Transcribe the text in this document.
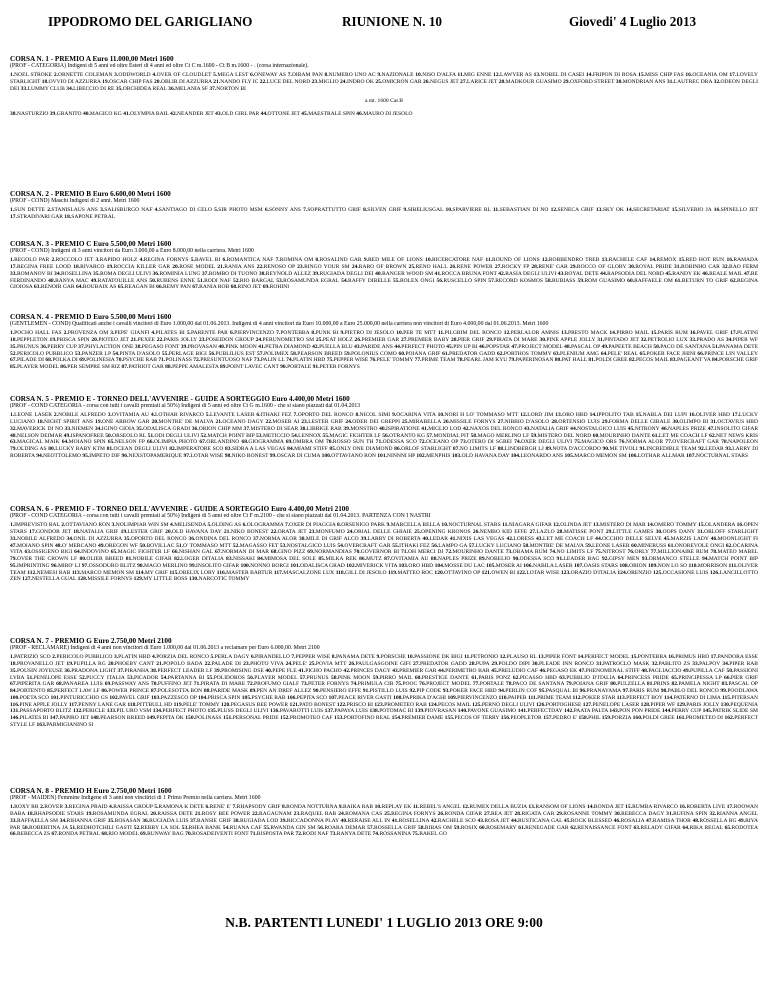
IPPODROMO DEL GARIGLIANO	RIUNIONE N. 10	Giovedi' 4 Luglio 2013
CORSA N. 1 - PREMIO A Euro 11.000,00 Metri 1600
(PROF - CATEGORIA) Indigeni di 5 anni ed oltre Esteri di 4 anni ed oltre Ct C m.1600 - Ct B m.1600 - . (corsa internazionale).
1.NOEL STROKE 2.ORNETTE COLEMAN 3.ODDWORLD 4.OVER OF CLOUDLET 5.MEGA LEST 6.ONEWAY AS 7.OIRAM PAN 8.NUMERO UNO AC 9.NAZIONALE 10.NISO D'ALFA 11.MIG ENNE 12.LAWYER AS 13.NOBEL DI CASEI 14.FRIPON DI ROSA 15.MISS CHIP FAS 16.OCEANIA OM 17.LOVELY STARLIGHT 18.OVVIO DI AZZURRA 19.OSCAR CHIP FAS 20.OBLIR DI AZZURRA 21.NANDO FLY IC 22.LUCE DEL NORD 23.MIGLIO 24.INDRO OK 25.OMICRON GAR 26.NEGUS JET 27.LARICE JET 28.MADKOUR GUASIMO 29.OXFORD STREET 30.MONDRIAN ANS 31.LAUTREC DRA 32.ODEON DEGLI DEI 33.LUMMY CLUB 34.LIBECCIO DI RE 35.ORCHIDEA REAL 36.MELANIA SF 37.NORTON BI
a mt. 1600 Cat.B
38.NASTURZIO 39.GRANITO 40.MAGICO KG 41.OLYMPIA BAIL 42.NEANDER JET 43.OLD GIRL PAR 44.OTTONE JET 45.MAESTRALE SPIN 46.MAURO DI JESOLO
CORSA N. 2 - PREMIO B Euro 6.600,00 Metri 1600
(PROF - COND) Maschi Indigeni di 2 anni. Metri 1600
1.SUN DETTE 2.STANISLAUS ANS 3.SALISBURGO NAF 4.SANTIAGO DI CELO 5.SIR PHOTO MSM 6.SONNY ANS 7.SOPRATTUTTO GRIF 8.SILVEN GRIF 9.SIBELIUSGAL 10.SPARVIERE RL 11.SEBASTIAN DI NO 12.SENECA GRIF 13.SKY OK 14.SECRETARIAT 15.SILVERIO JA 16.SPINELLO JET 17.STRADIVARI GAR 18.SAPONE PETRAL
CORSA N. 3 - PREMIO C Euro 5.500,00 Metri 1600
(PROF - COND) Indigeni di 3 anni vincitori da Euro 3.000,00 a Euro 8.000,00 nella carriera. Metri 1600
1.REGOLO PAR 2.ROCCOLO JET 3.RAPIDO HOLZ 4.REGINA FORNYS 5.RAVEL BI 6.ROMANTICA NAF 7.ROMINA OM 8.ROSALIND GAR 9.RED MILE OF LIONS 10.RICERCATORE NAF 11.ROUND OF LIONS 12.ROBBENDRO TREB 13.RACHELE CAF 14.REMOX 15.RED HOT RUN 16.RAMADA 17.REGINA FREE LOOD 18.RIVARCO 19.ROCCIA KILLER GAR 20.ROSE MODEL 21.RANIA ANS 22.RENOSO OP 23.RINGO YOUR SM 24.RARO OF BROWN 25.RENO HALL 26.RENE POWER 27.ROCKY FP 28.RENE' GAR 29.ROCCO OF GLORY 30.ROYAL PRIDE 31.ROBINHO CAR 32.RAO FERM 33.ROMANOV BI 34.ROSELLINA 35.ROMA DEGLI ULIVI 36.ROMINIA LUNG 37.ROMBO DI TUONO 38.REYNOLD ALLEZ 39.RUGIADA DEGLI DEI 40.RANGER WOOD SM 41.ROCCA BRUNA FONT 42.RASIA DEGLI ULIVI 43.ROYAL DETE 44.RAPSODIA DEL NORD 45.RANDY EK 46.REALE MAIL 47.RE FERDINANDO 48.RANYA MAC 49.RATATOUILLE ANS 50.RUBENS ENNE 51.RODI NAF 52.RIO BARGAL 53.ROSAMUNDA EGRAL 54.RAFFY DIBELLE 55.ROLEX ONGI 56.RUSCELLO SPIN 57.RECORD KOSMOS 58.RUBIASS 59.ROM GUASIMO 60.RAFFAELE OM 61.RETURN TO GRIF 62.REGINA GIOIOSA 63.RENOIR GAR 64.ROUBAIX AS 65.REAGAN BI 66.REMY PAN 67.RANIA ROB 68.RINO JET 69.ROHINI
CORSA N. 4 - PREMIO D Euro 5.500,00 Metri 1600
(GENTLEMEN - COND) Qualificati anche i cavalli vincitori di Euro 1.000,00 dal 01.06.2013. Indigeni di 4 anni vincitori da Euro 10.000,00 a Euro 25.000,00 nella carriera non vincitori di Euro 4.000,00 dal 01.06.2013. Metri 1600
1.POCHO HALL FAS 2.PROVENZA OM 3.PEPE' GIANFI 4.PILATES BI 5.PARENTE PAR 6.PIERVINCENZO 7.PONTEBBA 8.PUNK BI 9.PIETRO DI JESOLO 10.PER TE MTT 11.PILGRIM DEL RONCO 12.PERLALOR AMNIS 13.PRESTO MACK 14.PIRRO MAIL 15.PARIS RUM 16.PAVEL GRIF 17.PLATINI 18.PEPPLETON 19.PRISCA SPIN 20.PIOTEO JET 21.PEXEE 22.PARIS JOLLY 23.POSEIDON GROUP 24.PERUNOMETRO SM 25.PEAT HOLZ 26.PREMIER GAR 27.PREMIER BABY 28.PIER GRIF 29.PIRATA DI MARE 30.PINE APPLE JOLLY 31.PINTADO JET 32.PETROLIO LUX 33.PRADO AS 34.PIPER WF 35.PRUNUS 36.PERRY CUP 37.PHYLACTION ONE 38.PEGASO FONT 39.PROVASAN 40.PINK MOON 41.PETRA DIAMOND 42.PUELLA BLU 43.PARIDE ANS 44.PERFECT PHOTO 45.PIN UP BI 46.POPSTAR 47.PROJECT MODEL 48.PASCAL OP 49.PAPEETE BEACH 50.PACO DE SANTANA 51.PANAMA DETE 52.PERICOLO PUBBLICO 53.PANZER LP 54.PINTA D'ASOLO 55.PERLAGE BIGI 56.PUBLILIUS EST 57.POLIMEX 58.PEARSON BREED 59.POLONIUS COMO 60.POIANA GRIF 61.PREDATOR GADD 62.PORTHOS TOMMY 63.PLENIUM AMG 64.PELE' REAL 65.POKER FACE JHINI 66.PRINCE LIN VALLEY 67.PILADE DI 68.POLKA DI 69.POLINESIA 70.PSYCHE RAB 71.POLINASS 72.PRESUNTUOSO NAF 73.PALIN LL 74.PLATIN HBD 75.PEPPER WISE 76.PELE' TOMMY 77.PRIME TEAM 78.PEARL JAM KYU 79.PAPERINOSAN 80.PAT HALL 81.POLDI GREE 82.PECOS MAIL 83.PAGEANT VA 84.PORSCHE GRIF 85.PLAYER MODEL 86.PER SEMPRE SM RIZ 87.PATRIOT GAR 88.PEPPE AMALESTA 89.POINT LAVEC CANT 90.PORTALE 91.PETER FORNYS
CORSA N. 5 - PREMIO E - TORNEO DELL'AVVENIRE - GUIDE A SORTEGGIO Euro 4.400,00 Metri 1600
(PROF - COND CATEGORIA - corsa con tutti i cavalli premiati al 50%) Indigeni di 5 anni ed oltre Ct G m.1600 - che si siano piazzati dal 01.04.2013
1.LEONE LASER 2.NOBILE ALFREDO 3.OVITAMIA AU 4.LOTHAR RIVARCO 5.LEVANTE LASER 6.ITHAKI FEZ 7.OPORTO DEL RONCO 8.NICOL SIMI 9.OCARINA VITA 10.NORI H LO' TOMMASO MTT 12.LORD JIM 13.ORO HBD 14.IPPOLITO TAB 15.NABLA DEI LUPI 16.OLIVER HBD 17.LUCKY LUCIANO 18.NIGHT SPIRIT ANS 19.ONE ARROW GAR 20.MONTRE' DE MALVA 21.OCEANO DAGY 22.MOSER AI 23.LESTER GRIF 24.ODER DEI GREPPI 25.MIRABELLA 26.MISSILE FORNYS 27.NIBBIO D'ASOLO 28.ORTENSIO LUIS 29.FORMA DELLE GIRALE 30.OLIMPO BI 31.OCTAVIUS HBD 32.MAVERICK DI NO 33.NIEMEN 34.IGINO GIOIA 35.ODALISCA GRADI 36.ORION CHIP MM 37.MISTERO DI SEAR 38.LIBRIGE RAB 39.MONSTRO 40.ISPIRATIONE 41.MIGLIO LOD 42.NAXOS DEL RONCO 43.NATALIA GRIF 44.NOSTALGICO LUIS 45.NITRONY 46.NAPLES PRIZE 47.INSOLITO GIFAR 48.NELSON DEIMAR 49.ISPANOFREE 50.ORSEOLO RL 51.ODI DEGLI ULIVI 52.MATCH POINT BIP 53.METICCIO 54.LENNOX 55.MAGIC FIGHTER LF 56.OTRANTO KG 57.MONDIAL PIT 58.MAGO MERLINO LF 59.MISTERO DEL NORD 60.MOURINHO DANTE 61.LET ME COACH LF 62.NET NEWS KRIS 63.MAGICAL MAIK 64.MOIANO SPIN 65.NELSON FP 66.OLIMPIA PHOTO 67.ORLANDINO 68.GIOGRAMMA 69.OMBRA OM 70.ROSSO SUN TH 71.ODESSA SCO 72.OCEANO OP 73.OTERO DI SGREI 74.OXER DEGLI ULIVI 75.MAGICO ORS 76.NORMA ALOR 77.OVERCRAFT GAR 78.NAPOLEON 79.OLDING AS 80.LUCKY BABY KTM 81.OCEAN DEGLI ULIVI 82.IMPERATORE SCO 83.SIDRA A LAS VEGAS 84.MIAMI STIFF 85.ONLY ONE DIAMOND 86.ORLOF STARLIGHT 87.NO LIMITS LF 88.LINDBERGH LJ 89.NOTA D'ACCORDO 90.ME TIVOLI 91.INCREDIBLE TEAM 92.LEDAR 93.LARRY DI ROBERTA 94.NEOTTOLEMO 95.IMPETO DIF 96.NEXSTOPAMERIQUE 97.LOTAR WISE 98.NIKO BONEST 99.OSCAR DI CUMA 100.OTTAVIANO RON 101.NINNNI HP 102.MENPHIS 103.OLD HAVANA DAY 104.LEONARDO ANS 105.MARCO MEMON SM 106.LOTHAR ALLMAR 107.NOCTURNAL STARS
CORSA N. 6 - PREMIO F - TORNEO DELL'AVVENIRE - GUIDE A SORTEGGIO Euro 4.400,00 Metri 2100
(PROF - COND CATEGORIA - corsa con tutti i cavalli premiati al 50%) Indigeni di 5 anni ed oltre Ct F m.2100 - che si siano piazzati dal 01.04.2013. PARTENZA CON I NASTRI
1.IMPREVISTO RAL 2.OTTAVIANO RON 3.NOLIMPIAR WIN SM 4.MELISENDA 5.OLDING AS 6.OLOGRAMMA 7.OXER DI PIAGGIA 8.ORSENIGO PARK 9.MARCELLA BELLA 10.NOCTURNAL STARS 11.NIAGARA GIFAR 12.OLINDA JET 13.MISTERO DI MAR 14.OMERO TOMMY 15.OLANDERA 16.OPEN STARS 17.GONDOR JET 18.NATALIA GRIF 19.LESTER GRIF 20.OLD HAVANA DAY 21.NIKO BONEST 22.ORATA JET 23.MONFUMO 24.ORIAL DELLE GHIAIE 25.OPENING KRONOS 26.NEMBO KID EFFE 27.LAZLO 28.MATISSE PONT 29.LITTLE GAMES 30.OOPS DANY 31.ORLOFF STARLIGHT 33.NOBILE ALFREDO 34.ONIL DI AZZURRA 35.OPORTO DEL RONCO 36.ONDINA DEL RONCO 37.NORMA ALOR 38.MILE DI GRIF ALCO 39.LARRY DI ROBERTA 40.LEDAR 41.NIXIS LAS VEGAS 42.LORESS 43.LET ME COACH LF 44.OCCHIO DELLE SELVE 45.MARZIS LADY 46.MOONLIGHT FI 47.MOIANO SPIN 48.O' MERCANO 49.OREGON WF 50.BOVILLAC 51.O' TOMMASO MTT 52.MAGASSO FET 53.NOSTALGICO LUIS 54.OVERCRAFT GAR 55.ITHAKI FEZ 56.LAMPO GA 57.LUCKY LUCIANO 58.MONTRE' DE MALVA 59.LEONE LASER 60.MINERUSS 61.ONOREVOLE ONGI 62.OCARINA VITA 63.OSSIGENO BIGI 64.INDOVINO 65.MAGIC FIGHTER LF 66.NISHAN GAL 67.NORMAN DI MAR 68.GINO PIZZ 69.NORMANDIAS 70.GOVERNOR BI 71.OH MERCI DJ 72.MOURINHO DANTE 73.OBAMA RUM 74.NO LIMITS LF 75.NITROST 76.ORLY 77.MILLIONAIRE RUM 78.MATEO MABEL 79.OVER THE CROWN LF 80.OLIER BREED 81.NOBILE GIFAR 82.LOGER DITALIA 83.NISSAKI 84.MIMOSA DEL SOLE 85.MILKA REK 86.MUTZ 87.OVITAMIA AU 88.NAPLES PRIZE 89.NOBELIO 90.ODESSA SCO 91.LEADER BAG 92.GIPSY MEN 93.ORMANCO STELLE 94.MATCH POINT BIP 95.IMPRINTING 96.MIRO' LJ 97.OSSODURO BLITZ 98.MAGO MERLINO 99.INSOLITO GIFAR 100.NONNO BORGI 101.ODALISCA GRAD 102.MIVERICK VITA 103.ORO HBD 104.MOSSE DU LAC 105.MOSER AI 106.NABILA LASER 107.OASIS STARS 108.ORION 109.NON LO SO 110.MORRISON 111.OLIVER TEAM 112.NEMESI RAB 113.MARCO MEMON SM 114.MY GRIF 115.OBELIX LORY 116.MASTER BARTUR 117.MASCALZONE LUX 118.GILL DI JESOLO 119.MATTEO ROC 120.OTTAVINO OP 121.OWEN BI 122.LOTAR WISE 123.ORAZIO D'ITALIA 124.ORENZIO 125.OCCASIONE LUIS 126.LANCILLOTTO ZEN 127.NESTELLA GUAL 128.MISSILE FORNYS 129.MY LITTLE BOSS 130.NARCOTIC TOMMY
CORSA N. 7 - PREMIO G Euro 2.750,00 Metri 2100
(PROF - RECLAMARE) Indigeni di 4 anni non vincitori di Euro 1.000,00 dal 01.06.2013 a reclamare per Euro 6.000,00. Metri 2100
1.PATRIZIO SCO 2.PERICOLO PUBBLICO 3.PLATIN HBD 4.PORZIA DEL RONCO 5.PERLA DAGY 6.PIRANDELLO 7.PEPPER WISE 8.PANAMA DETE 9.PORSCHE 10.PASSIONE DK BIGI 11.PETRONIO 12.PLAUSO RL 13.PIPER FONT 14.PERFECT MODEL 15.PONTEBBA 16.PRIMUS HBD 17.PANDORA ESSE 18.PROVANELLO JET 19.PUPILLA RG 20.PHOEBY CANT 21.POPOLO BADA 22.PALADE DI 23.PHOTO VIVA 24.PELE' 25.POVIA MTT 26.PAULGASGOINE GIFI 27.PREDATOR GADD 28.PUPA 29.POLDO DIPI 30.PLEADE INN RONCO 31.PATROCLO MASK 32.PABLITO ZS 33.PALPOV 34.PIPER RAB 35.POUSIN JOYEUSE 36.PRADONA LIGHT 37.PIRANHA 38.PERFECT LEADER LF 39.PROMISING DSE 40.PEPE FLE 41.PICHO PACHO 42.PRINCES DAGY 43.PREMIER GAR 44.PERIMETRO BAR 45.PRELUDIO CAF 46.PEGASO EK 47.PHENOMENAL STIFF 48.PAGLIACCIO 49.PUPILLA CAF 50.PASSIONI LYRA 51.PENELOPE ESSE 52.PUCCY ITALIA 53.PICADOR 54.PARTANNA BI 55.POLIDOROS 56.PLAYER MODEL 57.PRUNUS 58.PINK MOON 59.PIRRO MAIL 60.PRESTIGE DANTE 61.PARIS PONZ 62.PICASSO HBD 63.PUBBLIO D'ITALIA 64.PRINCESS PRIDE 65.PRINCIPESSA LP 66.PIER GRIF 67.PIPERITA GAR 68.PANAREA LUIS 69.PASSWAY ANS 70.PUFFINO JET 71.PIRATA DI MARE 72.PROFUMO GIALF 73.PETER FORNYS 74.PRIMULA CIR 75.POOC 76.PROJECT MODEL 77.PORTALE 78.PACO DE SANTANA 79.POIANA GRIF 80.PULZELLA 81.PRINS 82.PAMELA NIGHT 83.PASCAL OP 84.PORTENTO 85.PERFECT LAW LF 86.POWER PRINCE 87.POLESOTTA BON 88.PARIDE MASK 89.PEN AN DREF ALLEZ 90.PENSIERO EFFE 91.PISTILLO LUIS 92.PIP CODE 93.POKER FACE HBD 94.PERLIN COF 95.PASQUAL BI 96.PRANAYAMA 97.PARIS RUM 98.PABLO DEL RONCO 99.POODLAWA 100.POETA SCO 101.PINTURICCHIO GS 102.PAVEL GRIF 103.PAZZESCO OP 104.PRISCA SPIN 105.PSYCHE RAB 106.PEPITA SCO 107.PEACE RIVER GASTI 108.PAPRIKA D'AGHI 109.PIERVINCENZO 110.PAIPER 111.PRIME TEAM 112.POKER STAR 113.PERFECT BOY 114.PATERNO DI LIMA 115.PITERSAN 116.PINE APPLE JOLLY 117.PENNY LANE GAR 118.PITTBULL HD 119.PELE' TOMMY 120.PEGASUS BEE POWER 121.PATO BONEST 122.PRISCO BI 123.PROMETEO RAB 124.PECOS MAIL 125.PERNO DEGLI ULIVI 126.PORTOGHESE 127.PENELOPE LASER 128.PIPER WF 129.PARIS JOLLY 130.PEQUENIA 131.PASSAPORTO BLITZ 132.PERICLE 133.PIL URO VSM 134.PERFECT PHOTO 135.PLUSS DEGLI ULIVI 136.PAVAROTTI LUIS 137.PAPAYA LUIS 138.POTOMAC BI 139.PIOVRASAN 140.PAVONE GUASIMO 141.PERFECTDAY 142.PAATA PALTA 143.PON PON PRIDE 144.PERRY CUP 145.PATRIK SLIDE SM 146.PILATES BI 147.PAPIRO JET 148.PEARSON BREED 149.PEPITA OK 150.POLINASS 151.PERSONAL PRIDE 152.PROMOTEO CAF 153.PORTOFINO REAL 154.PREMIER DAME 155.PECOS OF TERRY 156.PEOPLETOR 157.PEDRO E' 158.PHIL 159.PORZIA 160.POLDI GREE 161.PROMETEO DI 162.PERFECT STYLE LF 163.PARMIGIANINO SI
CORSA N. 8 - PREMIO H Euro 2.750,00 Metri 1600
(PROF - MAIDEN) Femmine Indigene di 3 anni non vincitrici di 1 Primo Premio nella carriera. Metri 1600
1.ROXY RR 2.ROVER 3.REGINA PRAID 4.RAISSA GROUP 5.RAMONA K DETE 6.RENE' E' 7.RHAPSODY GRIF 8.RONDA NOTTURNA 9.RAIKA RAB 10.REPLAY EK 11.REBEL'S ANGEL 12.RUMEX DELLA BUZIA 13.RANSOM OF LIONS 14.RONDA JET 15.RUMBA RIVARCO 16.ROBERTA LIVE 17.ROOWAN BABA 18.RHAPSODIE STARS 19.ROSAMUNDA EGRAL 20.RAISSA DETE 21.ROSY BEE POWER 22.RAGAUNAM 23.RAQUEL RAB 24.ROMANA CAS 25.REGINA FORNYS 26.RONDA GIFAR 27.REA JET 28.RIGATA CAR 29.ROSANNE TOMMY 30.REBECCA DAGY 31.RUFINA SPIN 32.RIANNA ANGEL 33.RAFFAELLA SM 34.RIHANNA GRIF 35.ROSASAN 36.RUGIADA LUIS 37.RANSIE GRIF 38.RUGIADA LOD 39.RICCADONNA PLAY 40.RERAISE ALL IN 41.ROSELLINA 42.RACHELE SCO 43.ROSA JET 44.RUSTICANA GAL 45.ROCK BLESSED 46.ROSALIA 47.RAMISA THOR 48.ROSSELLA RG 49.RIYA PAR 50.ROBERTINA JA 51.REDHOTCHILI GASTI 52.REBBY LA SOL 53.RHEA BANK 54.RUANA CAF 55.RWANDA GIN SM 56.ROARA DEMAR 57.ROSSELLA GRIF 58.RIBAS OM 59.ROSIX 60.ROSEMARY 61.RENEGADE GAR 62.RENAISSANCE FONT 63.RELADY GIFAR 64.RIKA REGAL 65.RODOTEA 66.REBECCA ZS 67.RONDA PETRAL 68.RIO MODEL 69.RUNWAY BAG 70.ROSADEIVENTI FONT 71.RISPOSTA PAR 72.RODI NAF 73.RANYA DETE 74.ROSSANINA 75.RAKEL GO
N.B. PARTENTI LUNEDI' 1 LUGLIO 2013 ORE 9:00
